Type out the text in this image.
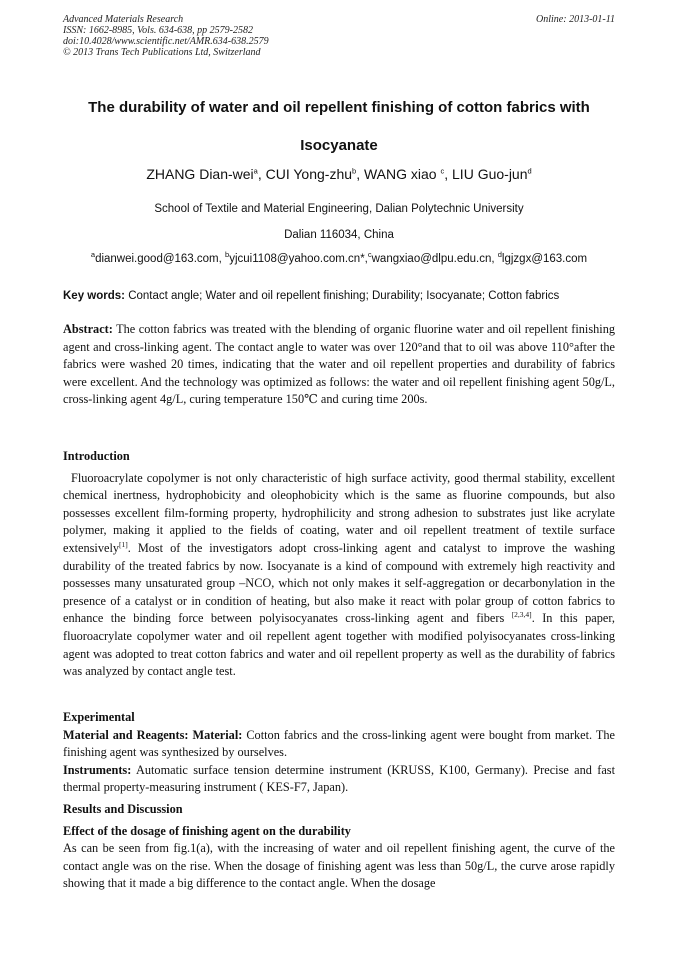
Advanced Materials Research
ISSN: 1662-8985, Vols. 634-638, pp 2579-2582
doi:10.4028/www.scientific.net/AMR.634-638.2579
© 2013 Trans Tech Publications Ltd, Switzerland
Online: 2013-01-11
The durability of water and oil repellent finishing of cotton fabrics with
Isocyanate
ZHANG Dian-wei$^a$, CUI Yong-zhu$^b$, WANG xiao $^c$, LIU Guo-jun$^d$
School of Textile and Material Engineering, Dalian Polytechnic University
Dalian 116034, China
$^a$dianwei.good@163.com, $^b$yjcui1108@yahoo.com.cn*,$^c$wangxiao@dlpu.edu.cn, $^d$lgjzgx@163.com
Key words: Contact angle; Water and oil repellent finishing; Durability; Isocyanate; Cotton fabrics

Abstract: The cotton fabrics was treated with the blending of organic fluorine water and oil repellent finishing agent and cross-linking agent. The contact angle to water was over 120°and that to oil was above 110°after the fabrics were washed 20 times, indicating that the water and oil repellent properties and durability of fabrics were excellent. And the technology was optimized as follows: the water and oil repellent finishing agent 50g/L, cross-linking agent 4g/L, curing temperature 150℃ and curing time 200s.

Introduction

Fluoroacrylate copolymer is not only characteristic of high surface activity, good thermal stability, excellent chemical inertness, hydrophobicity and oleophobicity which is the same as fluorine compounds, but also possesses excellent film-forming property, hydrophilicity and strong adhesion to substrates just like acrylate polymer, making it applied to the fields of coating, water and oil repellent treatment of textile surface extensively[1]. Most of the investigators adopt cross-linking agent and catalyst to improve the washing durability of the treated fabrics by now. Isocyanate is a kind of compound with extremely high reactivity and possesses many unsaturated group –NCO, which not only makes it self-aggregation or decarbonylation in the presence of a catalyst or in condition of heating, but also make it react with polar group of cotton fabrics to enhance the binding force between polyisocyanates cross-linking agent and fibers [2,3,4]. In this paper, fluoroacrylate copolymer water and oil repellent agent together with modified polyisocyanates cross-linking agent was adopted to treat cotton fabrics and water and oil repellent property as well as the durability of fabrics was analyzed by contact angle test.

Experimental

Material and Reagents: Material: Cotton fabrics and the cross-linking agent were bought from market. The finishing agent was synthesized by ourselves.

Instruments: Automatic surface tension determine instrument (KRUSS, K100, Germany). Precise and fast thermal property-measuring instrument ( KES-F7, Japan).

Results and Discussion

Effect of the dosage of finishing agent on the durability

As can be seen from fig.1(a), with the increasing of water and oil repellent finishing agent, the curve of the contact angle was on the rise. When the dosage of finishing agent was less than 50g/L, the curve arose rapidly showing that it made a big difference to the contact angle. When the dosage
